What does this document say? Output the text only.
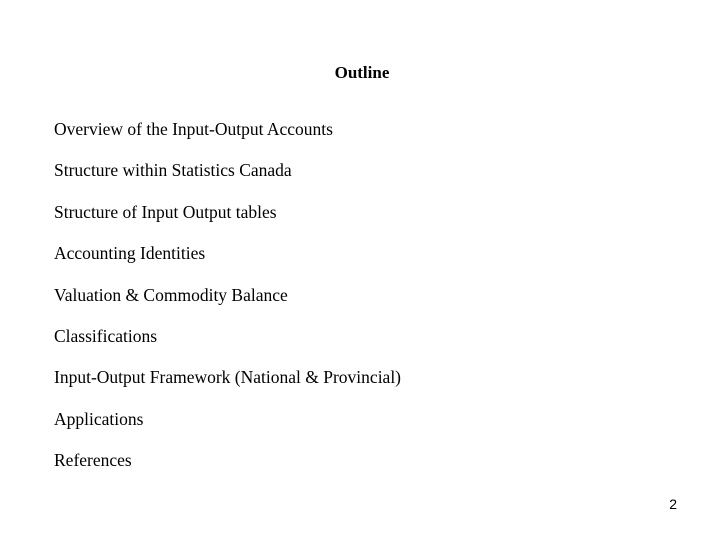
Outline
Overview of the Input-Output Accounts
Structure within Statistics Canada
Structure of Input Output tables
Accounting Identities
Valuation & Commodity Balance
Classifications
Input-Output Framework (National & Provincial)
Applications
References
2
